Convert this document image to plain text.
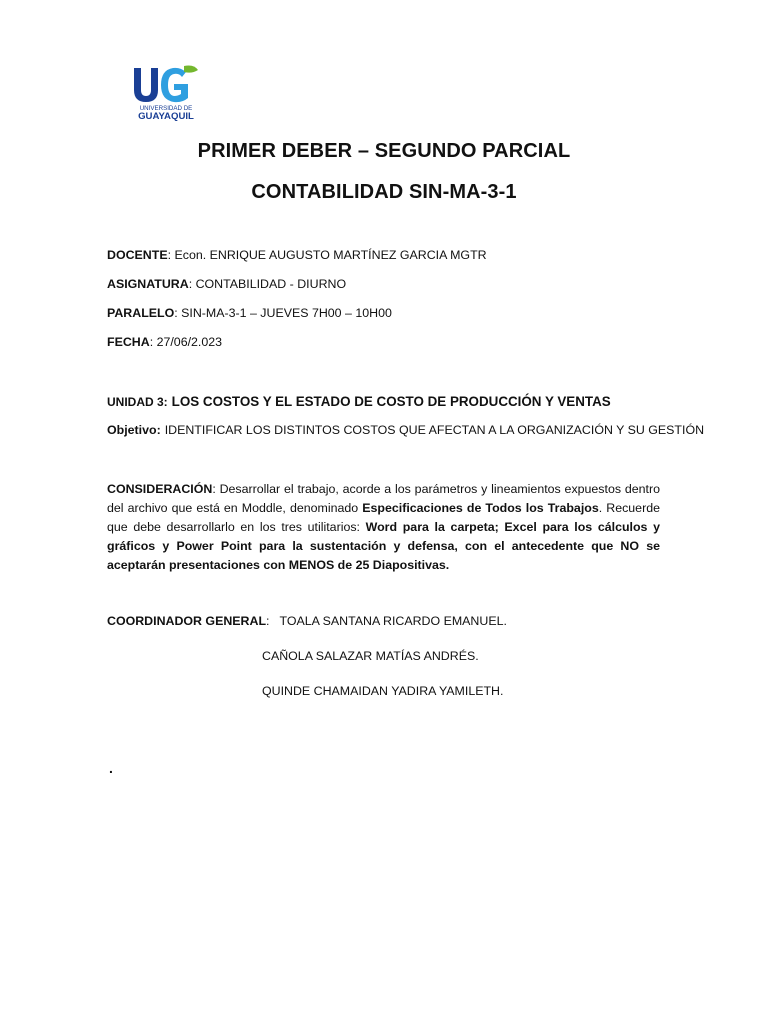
UNIVERSIDAD DE
GUAYAQUIL
PRIMER DEBER – SEGUNDO PARCIAL
CONTABILIDAD SIN-MA-3-1
DOCENTE: Econ. ENRIQUE AUGUSTO MARTÍNEZ GARCIA MGTR
ASIGNATURA: CONTABILIDAD - DIURNO
PARALELO: SIN-MA-3-1 – JUEVES 7H00 – 10H00
FECHA: 27/06/2.023
UNIDAD 3: LOS COSTOS Y EL ESTADO DE COSTO DE PRODUCCIÓN Y VENTAS
Objetivo: IDENTIFICAR LOS DISTINTOS COSTOS QUE AFECTAN A LA ORGANIZACIÓN Y SU GESTIÓN
CONSIDERACIÓN: Desarrollar el trabajo, acorde a los parámetros y lineamientos expuestos dentro del archivo que está en Moddle, denominado Especificaciones de Todos los Trabajos. Recuerde que debe desarrollarlo en los tres utilitarios: Word para la carpeta; Excel para los cálculos y gráficos y Power Point para la sustentación y defensa, con el antecedente que NO se aceptarán presentaciones con MENOS de 25 Diapositivas.
COORDINADOR GENERAL: TOALA SANTANA RICARDO EMANUEL.
CAÑOLA SALAZAR MATÍAS ANDRÉS.
QUINDE CHAMAIDAN YADIRA YAMILETH.
.
